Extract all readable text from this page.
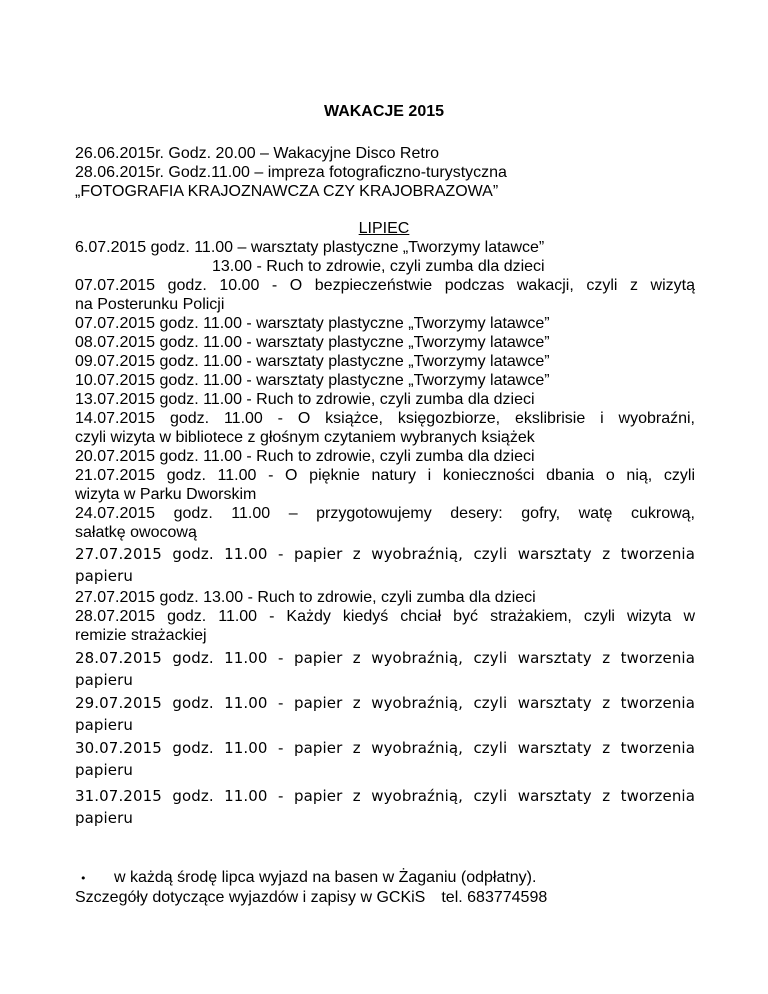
WAKACJE 2015
26.06.2015r. Godz. 20.00 – Wakacyjne Disco Retro
28.06.2015r. Godz.11.00 – impreza fotograficzno-turystyczna
„FOTOGRAFIA KRAJOZNAWCZA CZY KRAJOBRAZOWA”
LIPIEC
6.07.2015 godz. 11.00 – warsztaty plastyczne „Tworzymy latawce”
13.00 - Ruch to zdrowie, czyli zumba dla dzieci
07.07.2015 godz. 10.00 - O bezpieczeństwie podczas wakacji, czyli z wizytą
na Posterunku Policji
07.07.2015 godz. 11.00 - warsztaty plastyczne „Tworzymy latawce”
08.07.2015 godz. 11.00 - warsztaty plastyczne „Tworzymy latawce”
09.07.2015 godz. 11.00 - warsztaty plastyczne „Tworzymy latawce”
10.07.2015 godz. 11.00 - warsztaty plastyczne „Tworzymy latawce”
13.07.2015 godz. 11.00 - Ruch to zdrowie, czyli zumba dla dzieci
14.07.2015 godz. 11.00 - O książce, księgozbiorze, ekslibrisie i wyobraźni,
czyli wizyta w bibliotece z głośnym czytaniem wybranych książek
20.07.2015 godz. 11.00 - Ruch to zdrowie, czyli zumba dla dzieci
21.07.2015 godz. 11.00 - O pięknie natury i konieczności dbania o nią, czyli
wizyta w Parku Dworskim
24.07.2015 godz. 11.00 – przygotowujemy desery: gofry, watę cukrową,
sałatkę owocową
27.07.2015 godz. 11.00 - papier z wyobraźnią, czyli warsztaty z tworzenia
papieru
27.07.2015 godz. 13.00 - Ruch to zdrowie, czyli zumba dla dzieci
28.07.2015 godz. 11.00 - Każdy kiedyś chciał być strażakiem, czyli wizyta w
remizie strażackiej
28.07.2015 godz. 11.00 - papier z wyobraźnią, czyli warsztaty z tworzenia
papieru
29.07.2015 godz. 11.00 - papier z wyobraźnią, czyli warsztaty z tworzenia
papieru
30.07.2015 godz. 11.00 - papier z wyobraźnią, czyli warsztaty z tworzenia
papieru
31.07.2015 godz. 11.00 - papier z wyobraźnią, czyli warsztaty z tworzenia
papieru
• w każdą środę lipca wyjazd na basen w Żaganiu (odpłatny).
Szczegóły dotyczące wyjazdów i zapisy w GCKiS tel. 683774598
